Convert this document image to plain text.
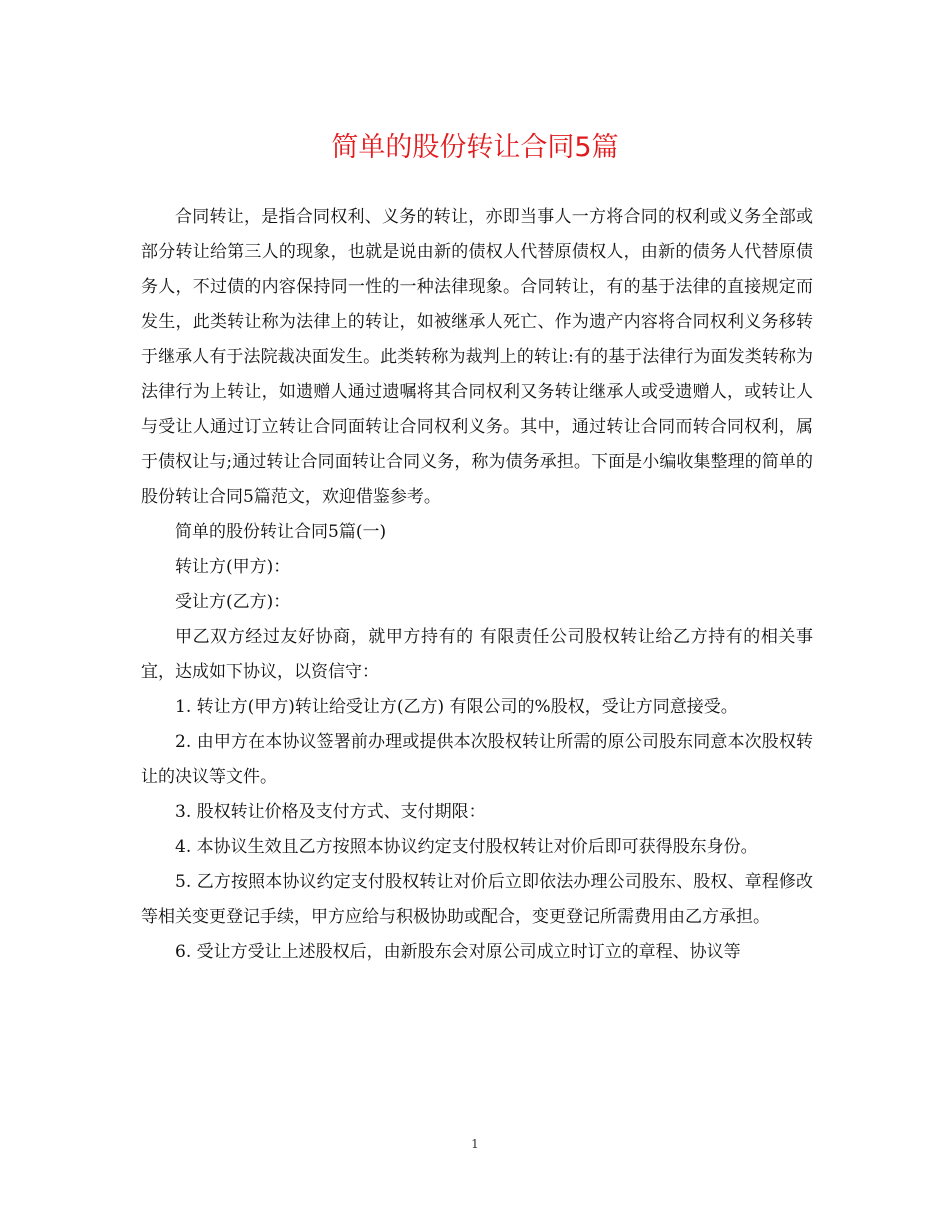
简单的股份转让合同5篇

合同转让，是指合同权利、义务的转让，亦即当事人一方将合同的权利或义务全部或部分转让给第三人的现象，也就是说由新的债权人代替原债权人，由新的债务人代替原债务人，不过债的内容保持同一性的一种法律现象。合同转让，有的基于法律的直接规定而发生，此类转让称为法律上的转让，如被继承人死亡、作为遗产内容将合同权利义务移转于继承人有于法院裁决面发生。此类转称为裁判上的转让:有的基于法律行为面发类转称为法律行为上转让，如遗赠人通过遗嘱将其合同权利又务转让继承人或受遗赠人，或转让人与受让人通过订立转让合同面转让合同权利义务。其中，通过转让合同而转合同权利，属于债权让与;通过转让合同面转让合同义务，称为债务承担。下面是小编收集整理的简单的股份转让合同5篇范文，欢迎借鉴参考。

简单的股份转让合同5篇(一)

转让方(甲方)：

受让方(乙方)：

甲乙双方经过友好协商，就甲方持有的 有限责任公司股权转让给乙方持有的相关事宜，达成如下协议，以资信守：

1. 转让方(甲方)转让给受让方(乙方) 有限公司的%股权，受让方同意接受。

2. 由甲方在本协议签署前办理或提供本次股权转让所需的原公司股东同意本次股权转让的决议等文件。

3. 股权转让价格及支付方式、支付期限：

4. 本协议生效且乙方按照本协议约定支付股权转让对价后即可获得股东身份。

5. 乙方按照本协议约定支付股权转让对价后立即依法办理公司股东、股权、章程修改等相关变更登记手续，甲方应给与积极协助或配合，变更登记所需费用由乙方承担。

6. 受让方受让上述股权后，由新股东会对原公司成立时订立的章程、协议等

1
